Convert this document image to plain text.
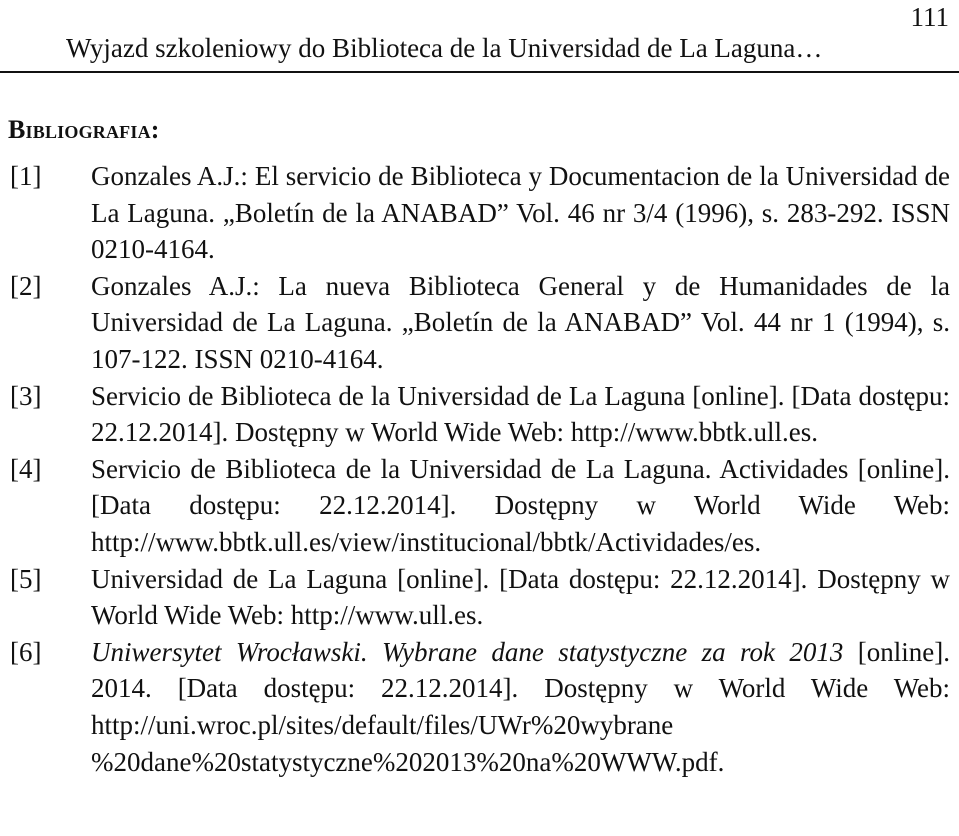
111
Wyjazd szkoleniowy do Biblioteca de la Universidad de La Laguna…
Bibliografia:
[1] Gonzales A.J.: El servicio de Biblioteca y Documentacion de la Universidad de La Laguna. „Boletín de la ANABAD” Vol. 46 nr 3/4 (1996), s. 283-292. ISSN 0210-4164.
[2] Gonzales A.J.: La nueva Biblioteca General y de Humanidades de la Universidad de La Laguna. „Boletín de la ANABAD” Vol. 44 nr 1 (1994), s. 107-122. ISSN 0210-4164.
[3] Servicio de Biblioteca de la Universidad de La Laguna [online]. [Data dostępu: 22.12.2014]. Dostępny w World Wide Web: http://www.bbtk.ull.es.
[4] Servicio de Biblioteca de la Universidad de La Laguna. Actividades [online]. [Data dostępu: 22.12.2014]. Dostępny w World Wide Web: http://www.bbtk.ull.es/view/institucional/bbtk/Actividades/es.
[5] Universidad de La Laguna [online]. [Data dostępu: 22.12.2014]. Dostępny w World Wide Web: http://www.ull.es.
[6] Uniwersytet Wrocławski. Wybrane dane statystyczne za rok 2013 [online]. 2014. [Data dostępu: 22.12.2014]. Dostępny w World Wide Web: http://uni.wroc.pl/sites/default/files/UWr%20wybrane %20dane%20statystyczne%202013%20na%20WWW.pdf.
